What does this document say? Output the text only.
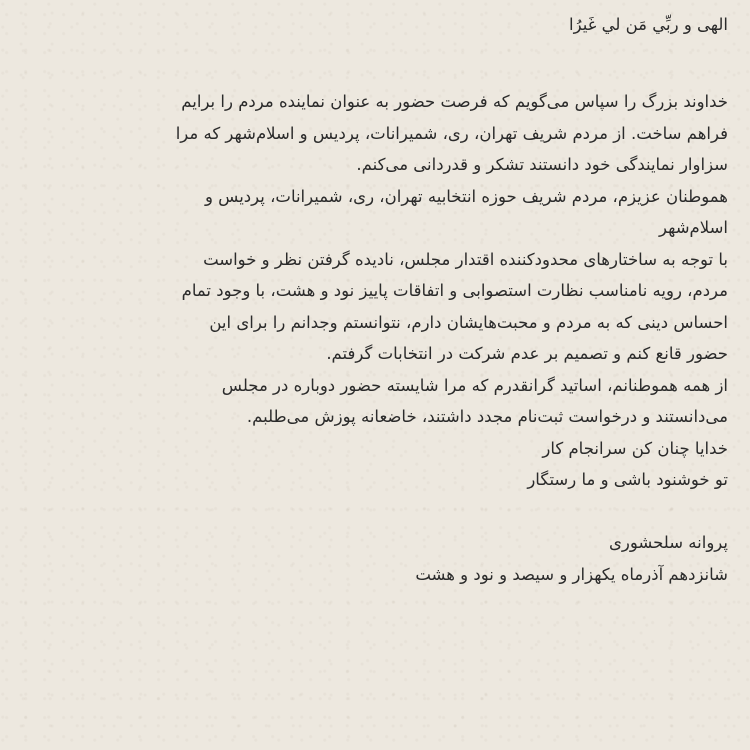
الهی و ربِّي مَن لي غَیرُا
خداوند بزرگ را سپاس می‌گویم که فرصت حضور به عنوان نماینده مردم را برایم
فراهم ساخت. از مردم شریف تهران، ری، شمیرانات، پردیس و اسلام‌شهر که مرا
سزاوار نمایندگی خود دانستند تشکر و قدردانی می‌کنم.
هموطنان عزیزم، مردم شریف حوزه انتخابیه تهران، ری، شمیرانات، پردیس و
اسلام‌شهر
با توجه به ساختارهای محدودکننده اقتدار مجلس، نادیده گرفتن نظر و خواست
مردم، رویه نامناسب نظارت استصوابی و اتفاقات پاییز نود و هشت، با وجود تمام
احساس دینی که به مردم و محبت‌هایشان دارم، نتوانستم وجدانم را برای این
حضور قانع کنم و تصمیم بر عدم شرکت در انتخابات گرفتم.
از همه هموطنانم، اساتید گرانقدرم که مرا شایسته حضور دوباره در مجلس
می‌دانستند و درخواست ثبت‌نام مجدد داشتند، خاضعانه پوزش می‌طلبم.
خدایا چنان کن سرانجام کار
تو خوشنود باشی و ما رستگار
پروانه سلحشوری
شانزدهم آذرماه یکهزار و سیصد و نود و هشت
